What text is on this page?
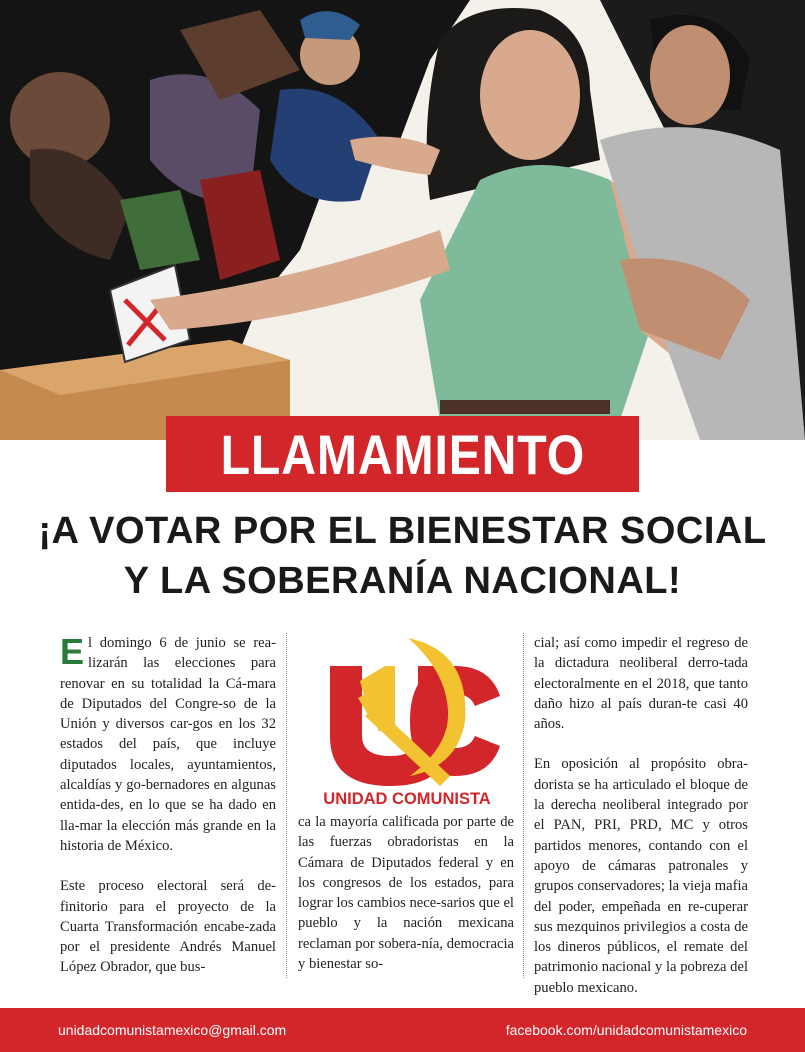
LLAMAMIENTO
¡A VOTAR POR EL BIENESTAR SOCIAL
Y LA SOBERANÍA NACIONAL!

El domingo 6 de junio se rea-lizarán las elecciones para renovar en su totalidad la Cá-mara de Diputados del Congre-so de la Unión y diversos car-gos en los 32 estados del país, que incluye diputados locales, ayuntamientos, alcaldías y go-bernadores en algunas entida-des, en lo que se ha dado en lla-mar la elección más grande en la historia de México.

Este proceso electoral será de-finitorio para el proyecto de la Cuarta Transformación encabe-zada por el presidente Andrés Manuel López Obrador, que bus-

UNIDAD COMUNISTA

ca la mayoría calificada por parte de las fuerzas obradoristas en la Cámara de Diputados federal y en los congresos de los estados, para lograr los cambios nece-sarios que el pueblo y la nación mexicana reclaman por sobera-nía, democracia y bienestar so-

cial; así como impedir el regreso de la dictadura neoliberal derro-tada electoralmente en el 2018, que tanto daño hizo al país duran-te casi 40 años.

En oposición al propósito obra-dorista se ha articulado el bloque de la derecha neoliberal integrado por el PAN, PRI, PRD, MC y otros partidos menores, contando con el apoyo de cámaras patronales y grupos conservadores; la vieja mafia del poder, empeñada en re-cuperar sus mezquinos privilegios a costa de los dineros públicos, el remate del patrimonio nacional y la pobreza del pueblo mexicano.

unidadcomunistamexico@gmail.com	facebook.com/unidadcomunistamexico
